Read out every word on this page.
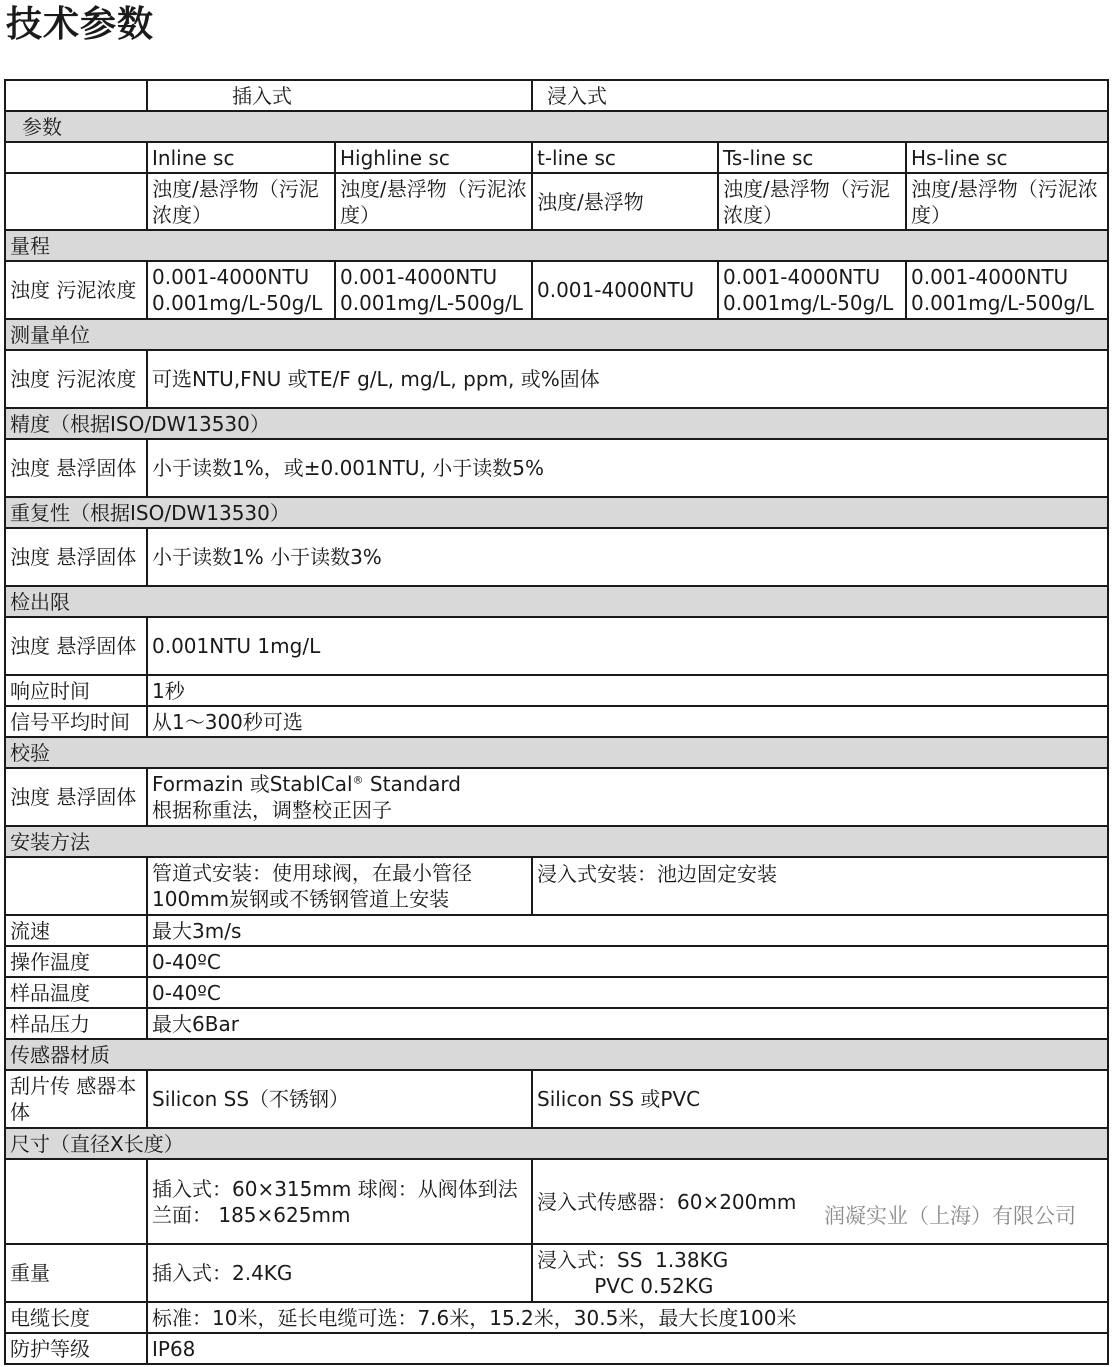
技术参数
	插入式		浸入式		
参数					
	Inline sc	Highline sc	t-line sc	Ts-line sc	Hs-line sc
	浊度/悬浮物（污泥浓度）	浊度/悬浮物（污泥浓度）	浊度/悬浮物	浊度/悬浮物（污泥浓度）	浊度/悬浮物（污泥浓度）
量程					
浊度 污泥浓度	0.001-4000NTU 0.001mg/L-50g/L	0.001-4000NTU 0.001mg/L-500g/L	0.001-4000NTU	0.001-4000NTU 0.001mg/L-50g/L	0.001-4000NTU 0.001mg/L-500g/L
测量单位					
浊度 污泥浓度	可选NTU,FNU 或TE/F g/L, mg/L, ppm, 或%固体				
精度（根据ISO/DW13530）					
浊度 悬浮固体	小于读数1%，或±0.001NTU, 小于读数5%				
重复性（根据ISO/DW13530）					
浊度 悬浮固体	小于读数1% 小于读数3%				
检出限					
浊度 悬浮固体	0.001NTU 1mg/L				
响应时间	1秒				
信号平均时间	从1～300秒可选				
校验					
浊度 悬浮固体	Formazin 或StablCal® Standard
根据称重法，调整校正因子				
安装方法					
	管道式安装：使用球阀，在最小管径100mm炭钢或不锈钢管道上安装		浸入式安装：池边固定安装		
流速	最大3m/s				
操作温度	0-40ºC				
样品温度	0-40ºC				
样品压力	最大6Bar				
传感器材质					
刮片传 感器本体	Silicon SS（不锈钢）		Silicon SS 或PVC		
尺寸（直径X长度）					
	插入式：60×315mm 球阀：从阀体到法兰面： 185×625mm		浸入式传感器：60×200mm		
重量	插入式：2.4KG		浸入式：SS  1.38KG
PVC 0.52KG		
电缆长度	标准：10米，延长电缆可选：7.6米，15.2米，30.5米，最大长度100米				
防护等级	IP68				
润凝实业（上海）有限公司
